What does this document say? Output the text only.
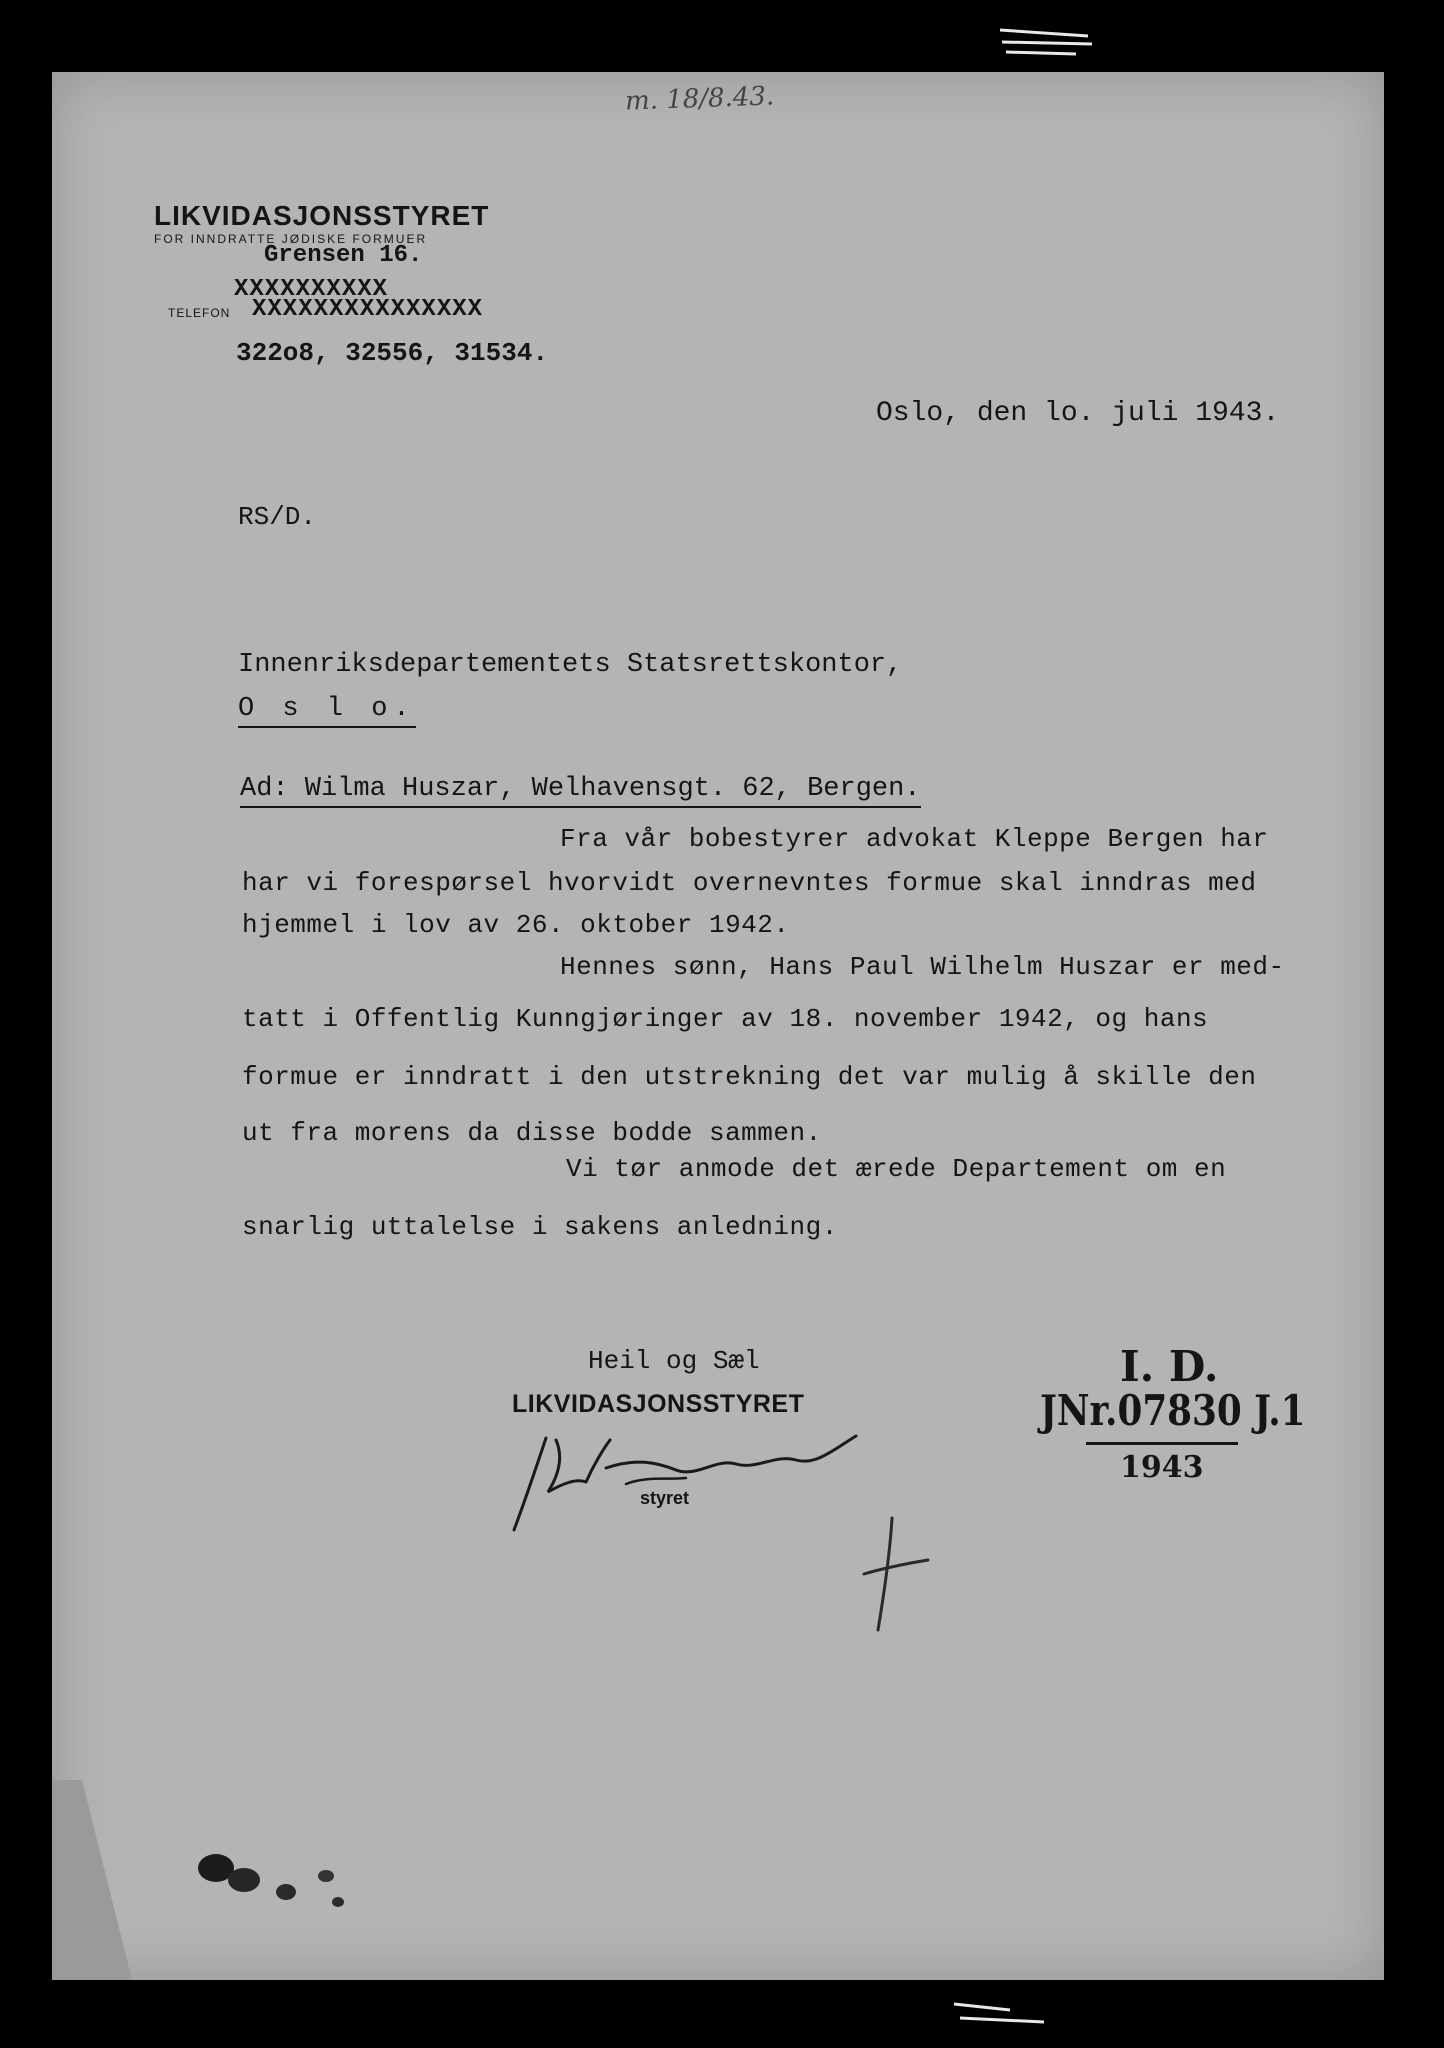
m. 18/8.43.
LIKVIDASJONSSTYRET
FOR INNDRATTE JØDISKE FORMUER
Grensen 16.
XXXXXXXXXX
TELEFON XXXXXXXXXXXXXXX
322o8, 32556, 31534.
Oslo, den lo. juli 1943.
RS/D.
Innenriksdepartementets Statsrettskontor,
O s l o.
Ad: Wilma Huszar, Welhavensgt. 62, Bergen.
Fra vår bobestyrer advokat Kleppe Bergen har
har vi forespørsel hvorvidt overnevntes formue skal inndras med
hjemmel i lov av 26. oktober 1942.
Hennes sønn, Hans Paul Wilhelm Huszar er med-
tatt i Offentlig Kunngjøringer av 18. november 1942, og hans
formue er inndratt i den utstrekning det var mulig å skille den
ut fra morens da disse bodde sammen.
Vi tør anmode det ærede Departement om en
snarlig uttalelse i sakens anledning.
Heil og Sæl
LIKVIDASJONSSTYRET
styret
I. D.
JNr.07830 J.1
1943
